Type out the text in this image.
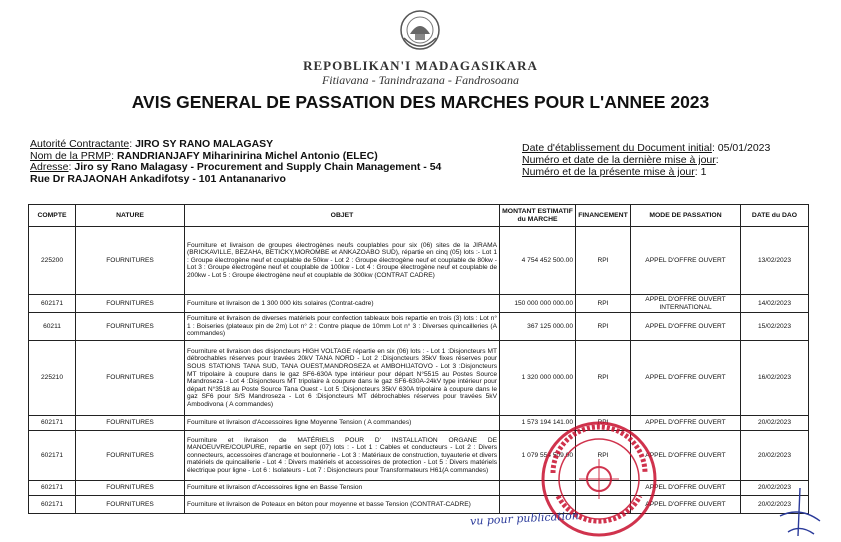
REPOBLIKAN'I MADAGASIKARA
Fitiavana - Tanindrazana - Fandrosoana
AVIS GENERAL DE PASSATION DES MARCHES POUR L'ANNEE 2023
Autorité Contractante: JIRO SY RANO MALAGASY
Nom de la PRMP: RANDRIANJAFY Miharinirina Michel Antonio (ELEC)
Adresse: Jiro sy Rano Malagasy - Procurement and Supply Chain Management - 54 Rue Dr RAJAONAH Ankadifotsy - 101 Antananarivo
Date d'établissement du Document initial: 05/01/2023
Numéro et date de la dernière mise à jour:
Numéro et de la présente mise à jour: 1
COMPTE	NATURE	OBJET	MONTANT ESTIMATIF du MARCHE	FINANCEMENT	MODE DE PASSATION	DATE du DAO
225200	FOURNITURES	Fourniture et livraison de groupes électrogènes neufs couplables pour six (06) sites de la JIRAMA (BRICKAVILLE, BEZAHA, BETICKY,MOROMBE et ANKAZOABO SUD), répartie en cinq (05) lots :- Lot 1 : Groupe électrogène neuf et couplable de 50kw - Lot 2 : Groupe électrogène neuf et couplable de 80kw - Lot 3 : Groupe électrogène neuf et couplable de 100kw - Lot 4 : Groupe électrogène neuf et couplable de 200kw - Lot 5 : Groupe électrogène neuf et couplable de 300kw (CONTRAT CADRE)	4 754 452 500.00	RPI	APPEL D'OFFRE OUVERT	13/02/2023
602171	FOURNITURES	Fourniture et livraison de 1 300 000 kits solaires (Contrat-cadre)	150 000 000 000.00	RPI	APPEL D'OFFRE OUVERT INTERNATIONAL	14/02/2023
60211	FOURNITURES	Fourniture et livraison de diverses matériels pour confection tableaux bois repartie en trois (3) lots : Lot n° 1 : Boiseries (plateaux pin de 2m) Lot n° 2 : Contre plaque de 10mm Lot n° 3 : Diverses quincailleries (A commandes)	367 125 000.00	RPI	APPEL D'OFFRE OUVERT	15/02/2023
225210	FOURNITURES	Fourniture et livraison des disjoncteurs HIGH VOLTAGE répartie en six (06) lots : - Lot 1 :Disjoncteurs MT débrochables réserves pour travées 20kV TANA NORD - Lot 2 :Disjoncteurs 35kV fixes réserves pour SOUS STATIONS TANA SUD, TANA OUEST,MANDROSEZA et AMBOHIJATOVO - Lot 3 :Disjoncteurs MT tripolaire à coupure dans le gaz SF6-630A type intérieur pour départ N°5515 au Postes Source Mandroseza - Lot 4 :Disjoncteurs MT tripolaire à coupure dans le gaz SF6-630A-24kV type intérieur pour départ N°3518 au Poste Source Tana Ouest - Lot 5 :Disjoncteurs 35kV 630A tripolaire à coupure dans le gaz SF6 pour S/S Mandroseza - Lot 6 :Disjoncteurs MT débrochables réserves pour travées 5kV Ambodivona ( A commandes)	1 320 000 000.00	RPI	APPEL D'OFFRE OUVERT	16/02/2023
602171	FOURNITURES	Fourniture et livraison d'Accessoires ligne Moyenne Tension ( A commandes)	1 573 194 141.00	RPI	APPEL D'OFFRE OUVERT	20/02/2023
602171	FOURNITURES	Fourniture et livraison de MATÉRIELS POUR D' INSTALLATION ORGANE DE MANOEUVRE/COUPURE, repartie en sept (07) lots : - Lot 1 : Cables et conducteurs - Lot 2 : Divers connecteurs, accessoires d'ancrage et boulonnerie - Lot 3 : Matériaux de construction, tuyauterie et divers matériels de quincaillerie - Lot 4 : Divers matériels et accessoires de protection - Lot 5 : Divers matériels électrique pour ligne - Lot 6 : Isolateurs - Lot 7 : Disjoncteurs pour Transformateurs H61(A commandes)	1 079 554 509.00	RPI	APPEL D'OFFRE OUVERT	20/02/2023
602171	FOURNITURES	Fourniture et livraison d'Accessoires ligne en Basse Tension			APPEL D'OFFRE OUVERT	20/02/2023
602171	FOURNITURES	Fourniture et livraison de Poteaux en béton pour moyenne et basse Tension (CONTRAT-CADRE)			APPEL D'OFFRE OUVERT	20/02/2023
vu pour publication
